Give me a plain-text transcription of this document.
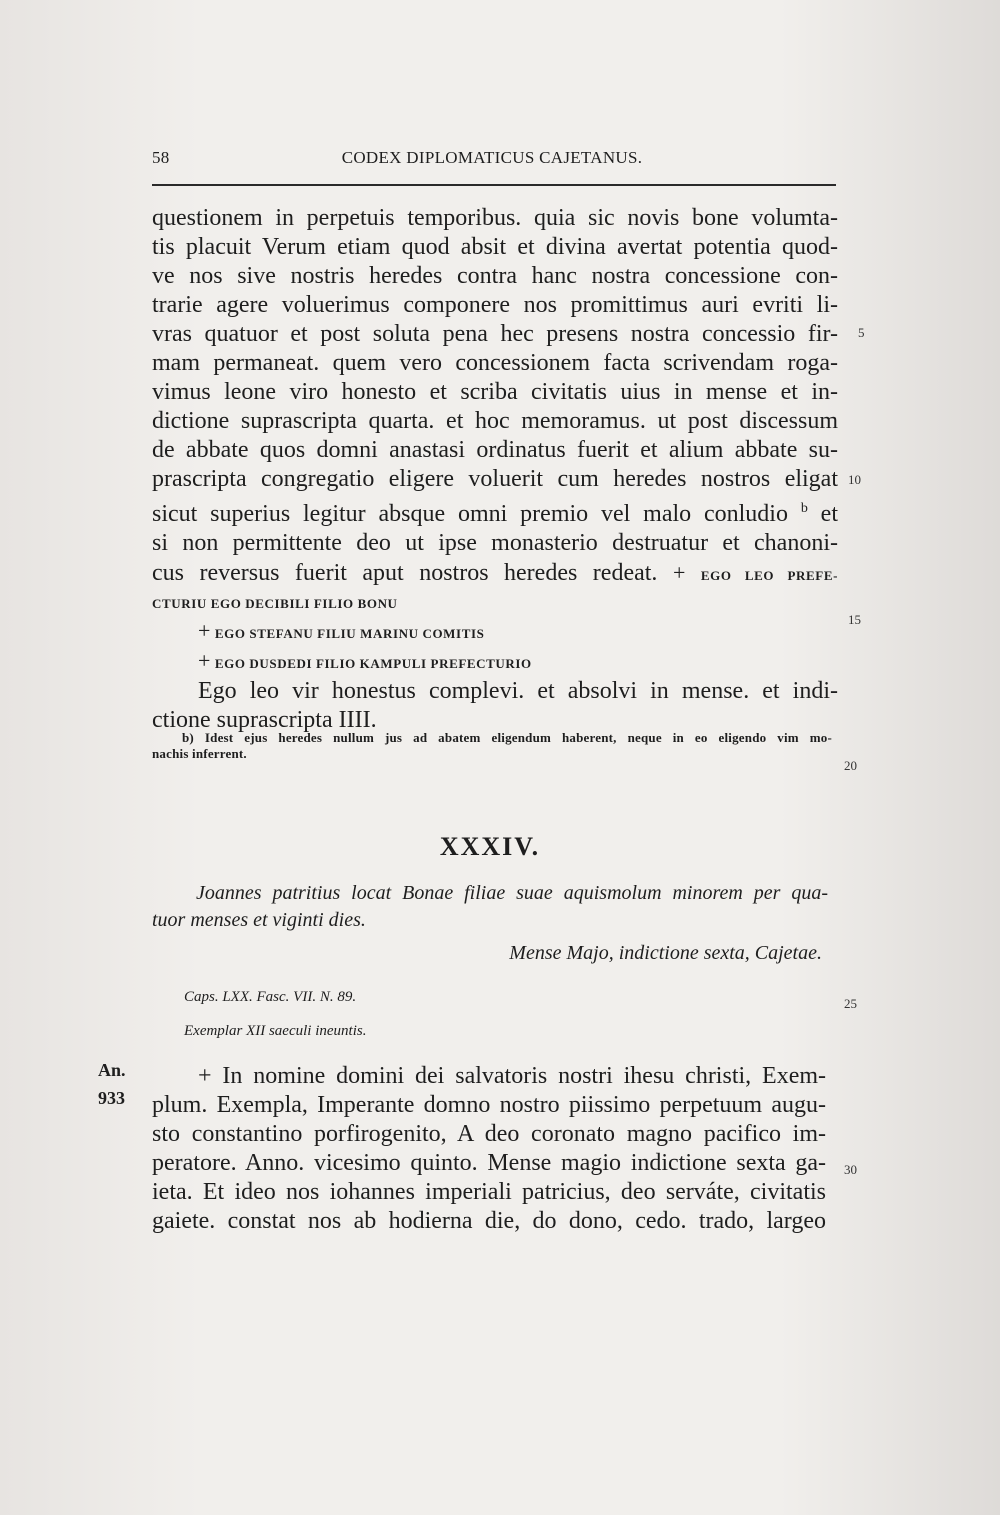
58	CODEX DIPLOMATICUS CAJETANUS.
questionem in perpetuis temporibus. quia sic novis bone volumta-
tis placuit Verum etiam quod absit et divina avertat potentia quod-
ve nos sive nostris heredes contra hanc nostra concessione con-
trarie agere voluerimus componere nos promittimus auri evriti li-
vras quatuor et post soluta pena hec presens nostra concessio fir-
mam permaneat. quem vero concessionem facta scrivendam roga-
vimus leone viro honesto et scriba civitatis uius in mense et in-
dictione suprascripta quarta. et hoc memoramus. ut post discessum
de abbate quos domni anastasi ordinatus fuerit et alium abbate su-
prascripta congregatio eligere voluerit cum heredes nostros eligat
sicut superius legitur absque omni premio vel malo conludio $^b$ et
si non permittente deo ut ipse monasterio destruatur et chanoni-
cus reversus fuerit aput nostros heredes redeat. + EGO LEO PREFE-
CTURIU EGO DECIBILI FILIO BONU
+ EGO STEFANU FILIU MARINU COMITIS
+ EGO DUSDEDI FILIO KAMPULI PREFECTURIO
Ego leo vir honestus complevi. et absolvi in mense. et indi-
ctione suprascripta IIII.
5
10
15
20
25
30
b) Idest ejus heredes nullum jus ad abatem eligendum haberent, neque in eo eligendo vim mo-
nachis inferrent.
XXXIV.
Joannes patritius locat Bonae filiae suae aquismolum minorem per qua-
tuor menses et viginti dies.
Mense Majo, indictione sexta, Cajetae.
Caps. LXX. Fasc. VII. N. 89.
Exemplar XII saeculi ineuntis.
An.
933
+ In nomine domini dei salvatoris nostri ihesu christi, Exem-
plum. Exempla, Imperante domno nostro piissimo perpetuum augu-
sto constantino porfirogenito, A deo coronato magno pacifico im-
peratore. Anno. vicesimo quinto. Mense magio indictione sexta ga-
ieta. Et ideo nos iohannes imperiali patricius, deo serváte, civitatis
gaiete. constat nos ab hodierna die, do dono, cedo. trado, largeo
